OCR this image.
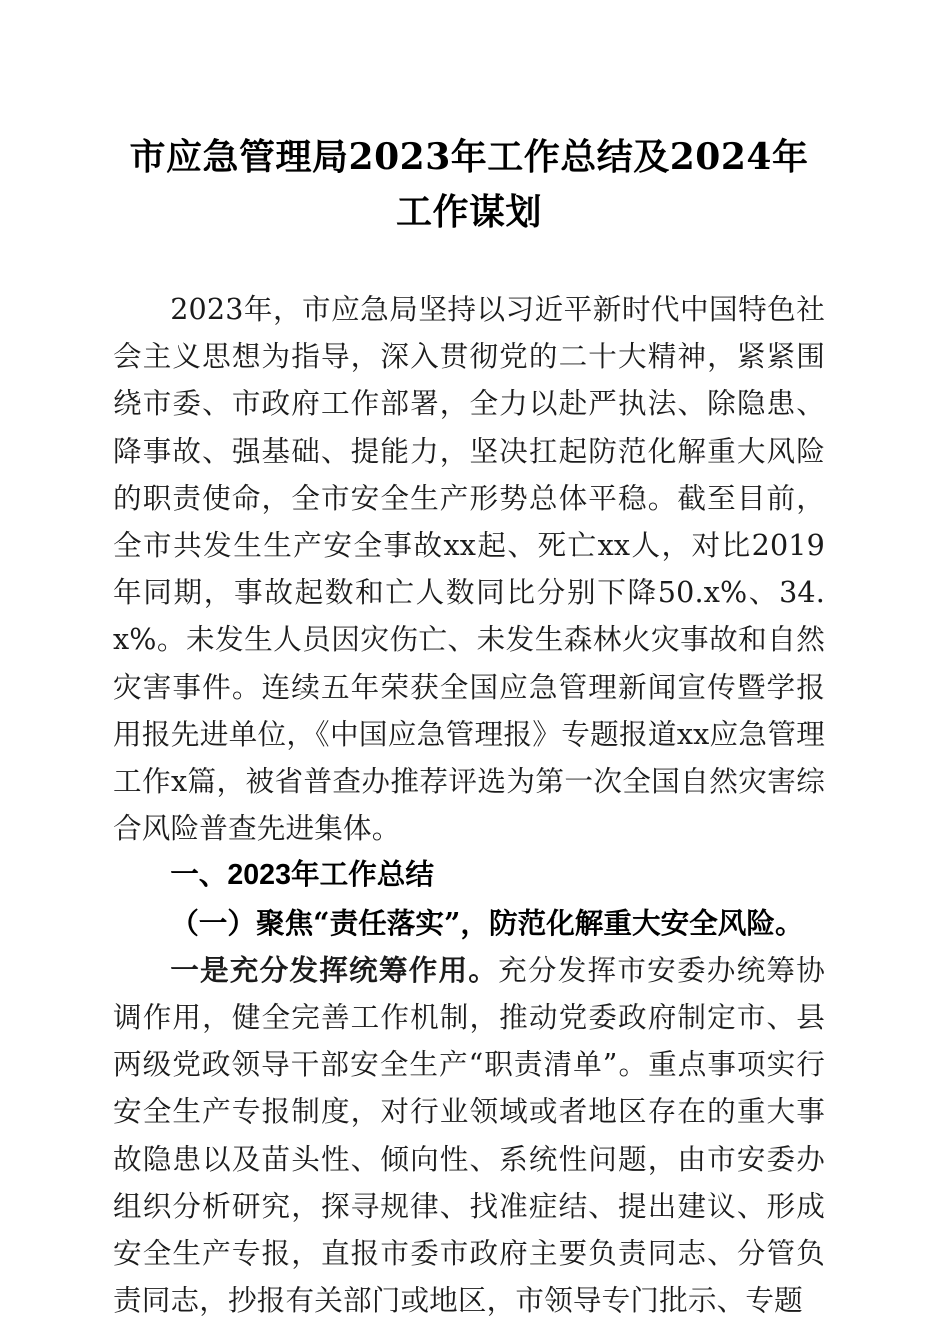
市应急管理局2023年工作总结及2024年工作谋划

2023年，市应急局坚持以习近平新时代中国特色社会主义思想为指导，深入贯彻党的二十大精神，紧紧围绕市委、市政府工作部署，全力以赴严执法、除隐患、降事故、强基础、提能力，坚决扛起防范化解重大风险的职责使命，全市安全生产形势总体平稳。截至目前，全市共发生生产安全事故xx起、死亡xx人，对比2019年同期，事故起数和亡人数同比分别下降50.x%、34.x%。未发生人员因灾伤亡、未发生森林火灾事故和自然灾害事件。连续五年荣获全国应急管理新闻宣传暨学报用报先进单位，《中国应急管理报》专题报道xx应急管理工作x篇，被省普查办推荐评选为第一次全国自然灾害综合风险普查先进集体。

一、2023年工作总结

（一）聚焦“责任落实”，防范化解重大安全风险。

一是充分发挥统筹作用。充分发挥市安委办统筹协调作用，健全完善工作机制，推动党委政府制定市、县两级党政领导干部安全生产“职责清单”。重点事项实行安全生产专报制度，对行业领域或者地区存在的重大事故隐患以及苗头性、倾向性、系统性问题，由市安委办组织分析研究，探寻规律、找准症结、提出建议、形成安全生产专报，直报市委市政府主要负责同志、分管负责同志，抄报有关部门或地区，市领导专门批示、专题
